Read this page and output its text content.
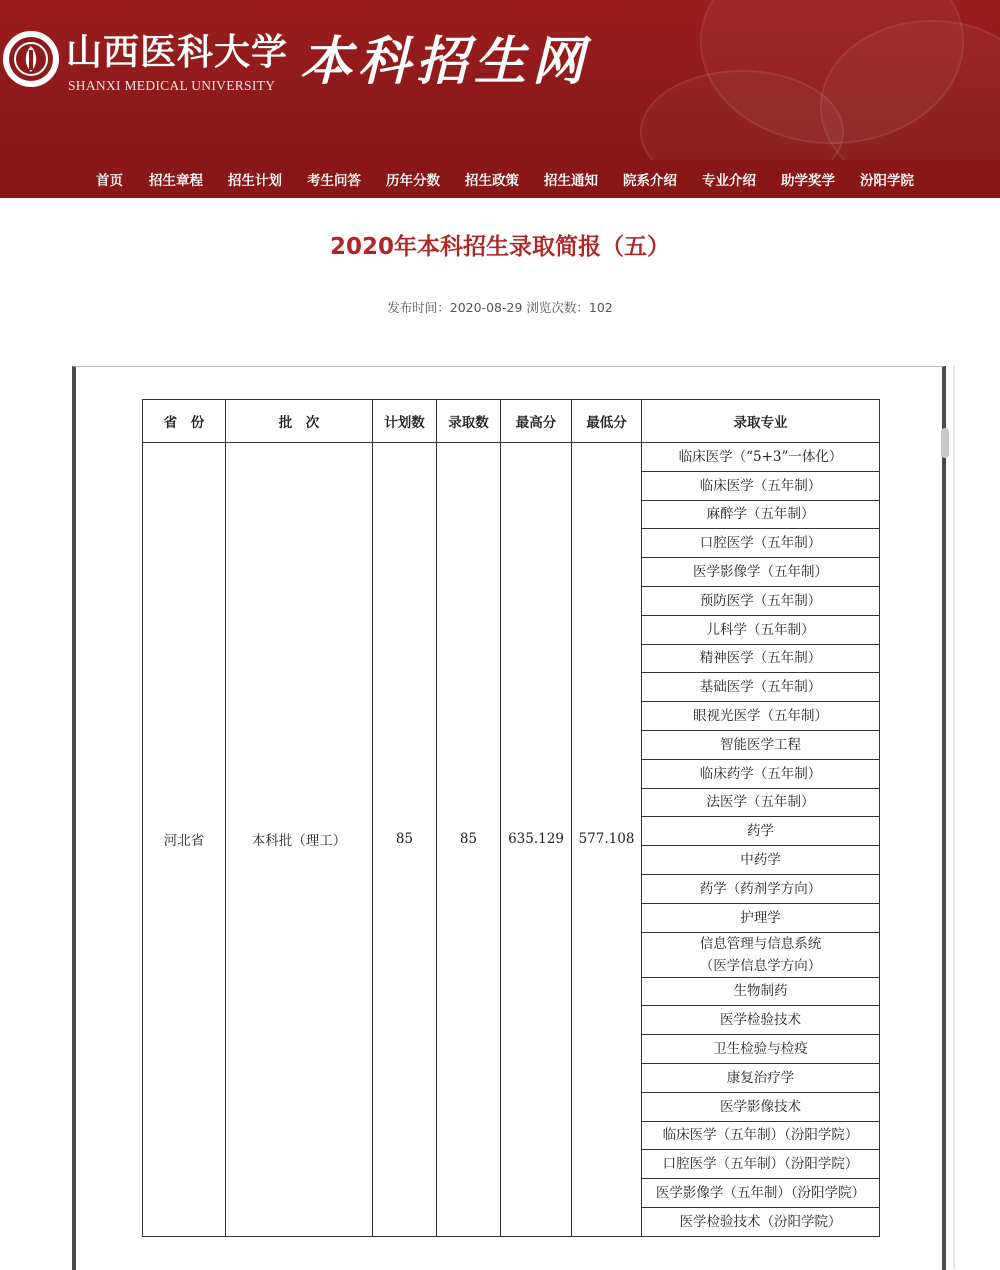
山西医科大学
SHANXI MEDICAL UNIVERSITY 本科招生网
首页 招生章程 招生计划 考生问答 历年分数 招生政策 招生通知 院系介绍 专业介绍 助学奖学 汾阳学院
2020年本科招生录取简报（五）
发布时间：2020-08-29 浏览次数：102
省　份	批　次	计划数	录取数	最高分	最低分	录取专业
河北省	本科批（理工）	85	85	635.129	577.108	临床医学（“5+3”一体化）
						临床医学（五年制）
						麻醉学（五年制）
						口腔医学（五年制）
						医学影像学（五年制）
						预防医学（五年制）
						儿科学（五年制）
						精神医学（五年制）
						基础医学（五年制）
						眼视光医学（五年制）
						智能医学工程
						临床药学（五年制）
						法医学（五年制）
						药学
						中药学
						药学（药剂学方向）
						护理学
						信息管理与信息系统
（医学信息学方向）
						生物制药
						医学检验技术
						卫生检验与检疫
						康复治疗学
						医学影像技术
						临床医学（五年制）（汾阳学院）
						口腔医学（五年制）（汾阳学院）
						医学影像学（五年制）（汾阳学院）
						医学检验技术（汾阳学院）
